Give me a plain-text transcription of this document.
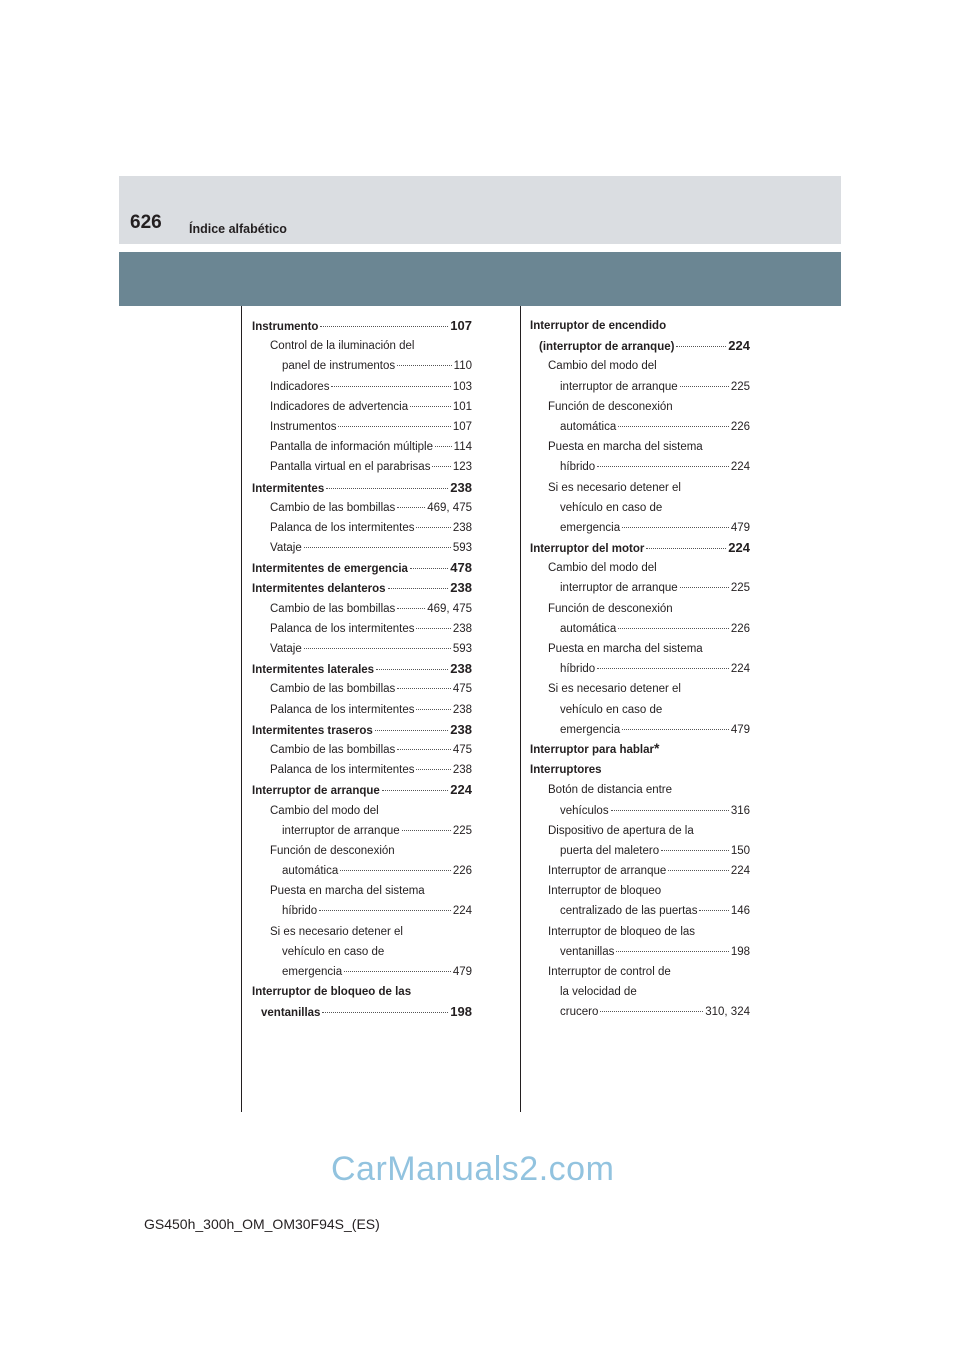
626 Índice alfabético
Instrumento	107
Control de la iluminación del
panel de instrumentos	110
Indicadores	103
Indicadores de advertencia	101
Instrumentos	107
Pantalla de información múltiple 114
Pantalla virtual en el parabrisas 123
Intermitentes	238
Cambio de las bombillas	469, 475
Palanca de los intermitentes	238
Vataje	593
Intermitentes de emergencia	478
Intermitentes delanteros	238
Cambio de las bombillas	469, 475
Palanca de los intermitentes	238
Vataje	593
Intermitentes laterales	238
Cambio de las bombillas	475
Palanca de los intermitentes	238
Intermitentes traseros	238
Cambio de las bombillas	475
Palanca de los intermitentes	238
Interruptor de arranque	224
Cambio del modo del
interruptor de arranque	225
Función de desconexión
automática	226
Puesta en marcha del sistema
híbrido	224
Si es necesario detener el
vehículo en caso de
emergencia	479
Interruptor de bloqueo de las
ventanillas	198
Interruptor de encendido
(interruptor de arranque)	224
Cambio del modo del
interruptor de arranque	225
Función de desconexión
automática	226
Puesta en marcha del sistema
híbrido	224
Si es necesario detener el
vehículo en caso de
emergencia	479
Interruptor del motor	224
Cambio del modo del
interruptor de arranque	225
Función de desconexión
automática	226
Puesta en marcha del sistema
híbrido	224
Si es necesario detener el
vehículo en caso de
emergencia	479
Interruptor para hablar *
Interruptores
Botón de distancia entre
vehículos	316
Dispositivo de apertura de la
puerta del maletero	150
Interruptor de arranque	224
Interruptor de bloqueo
centralizado de las puertas	146
Interruptor de bloqueo de las
ventanillas	198
Interruptor de control de
la velocidad de
crucero	310, 324
CarManuals2.com
GS450h_300h_OM_OM30F94S_(ES)
